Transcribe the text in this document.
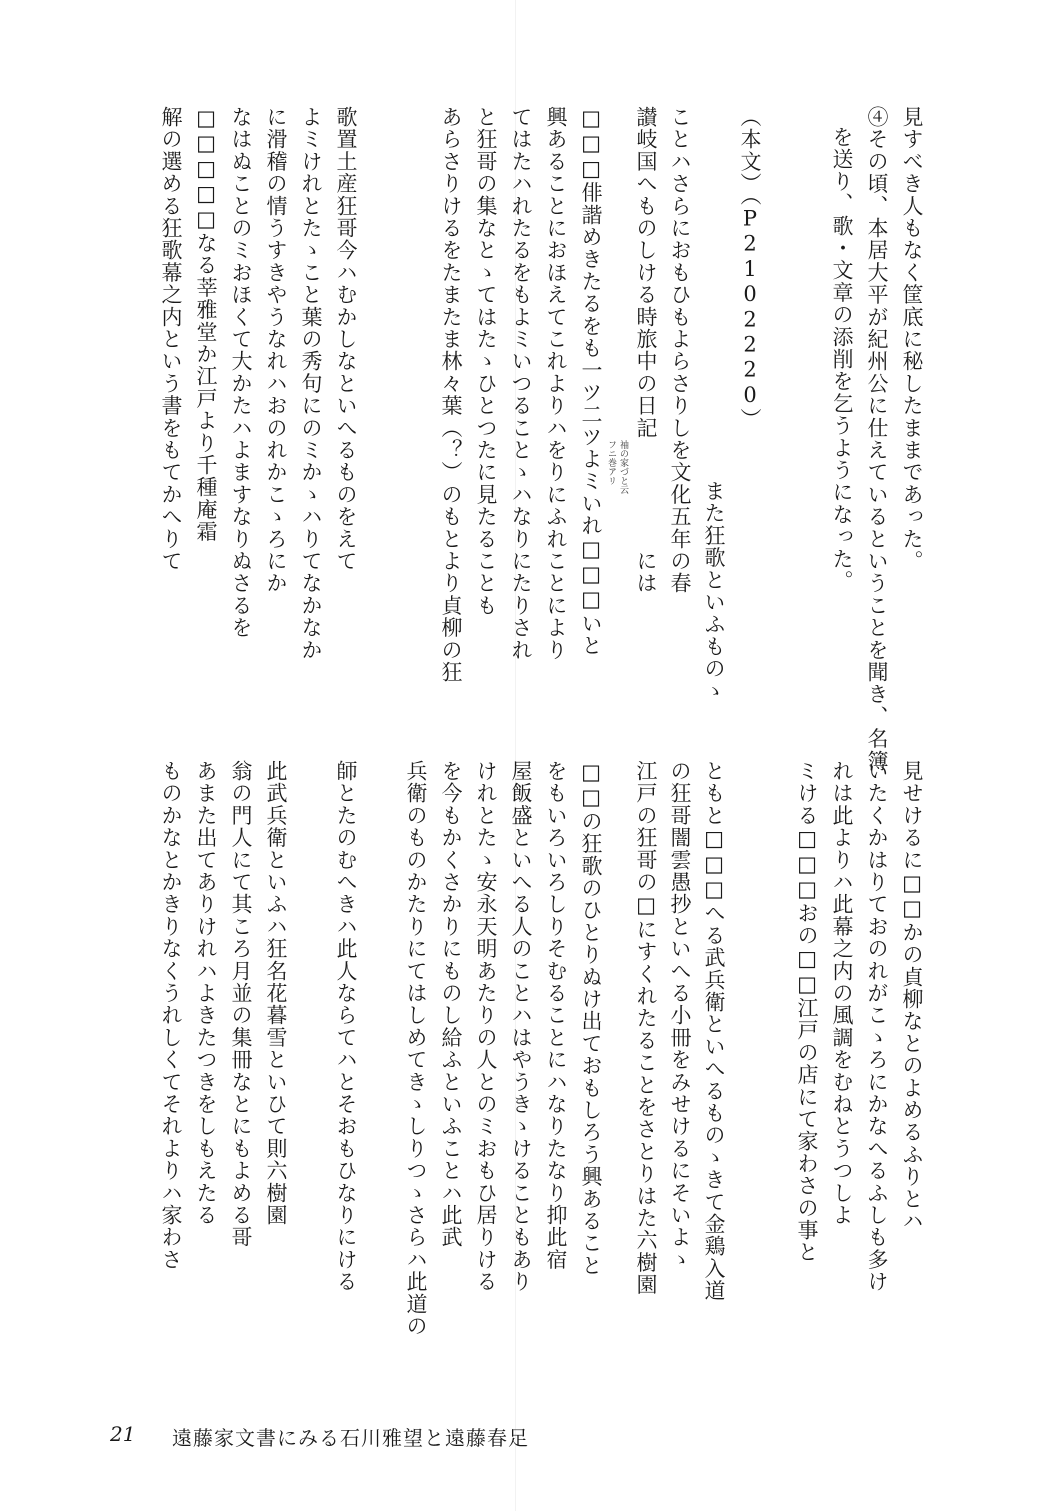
見すべき人もなく筐底に秘したままであった。
④その頃、本居大平が紀州公に仕えているということを聞き、名簿
を送り、歌・文章の添削を乞うようになった。
（本文）（P2102220）
また狂歌といふものゝ
ことハさらにおもひもよらさりしを文化五年の春
讃岐国へものしける時旅中の日記　　　　　には
袖の家づと云
フニ巻アリ
□□□俳諧めきたるをも一ツ二ツよミいれ□□□いと
興あることにおほえてこれよりハをりにふれことにより
てはたハれたるをもよミいつることゝハなりにたりされ
と狂哥の集なとゝてはたゝひとつたに見たることも
あらさりけるをたまたま林々葉（？）のもとより貞柳の狂
歌置土産狂哥今ハむかしなといへるものをえて
よミけれとたゝこと葉の秀句にのミかゝハりてなかなか
に滑稽の情うすきやうなれハおのれかこゝろにか
なはぬことのミおほくて大かたハよますなりぬさるを
□□□□□なる莘雅堂か江戸より千種庵霜
解の選める狂歌幕之内という書をもてかへりて
見せけるに□□かの貞柳なとのよめるふりとハ
いたくかはりておのれがこゝろにかなへるふしも多け
れは此よりハ此幕之内の風調をむねとうつしよ
ミける□□□おの□□江戸の店にて家わさの事と
ともと□□□へる武兵衛といへるものゝきて金鶏入道
の狂哥闇雲愚抄といへる小冊をみせけるにそいよゝ
江戸の狂哥の□にすくれたることをさとりはた六樹園
□□の狂歌のひとりぬけ出ておもしろう興あること
をもいろいろしりそむることにハなりたなり抑此宿
屋飯盛といへる人のことハはやうきゝけることもあり
けれとたゝ安永天明あたりの人とのミおもひ居りける
を今もかくさかりにものし給ふといふことハ此武
兵衛のものかたりにてはしめてきゝしりつゝさらハ此道の
師とたのむへきハ此人ならてハとそおもひなりにける
此武兵衛といふハ狂名花暮雪といひて則六樹園
翁の門人にて其ころ月並の集冊なとにもよめる哥
あまた出てありけれハよきたつきをしもえたる
ものかなとかきりなくうれしくてそれよりハ家わさ
21 遠藤家文書にみる石川雅望と遠藤春足
